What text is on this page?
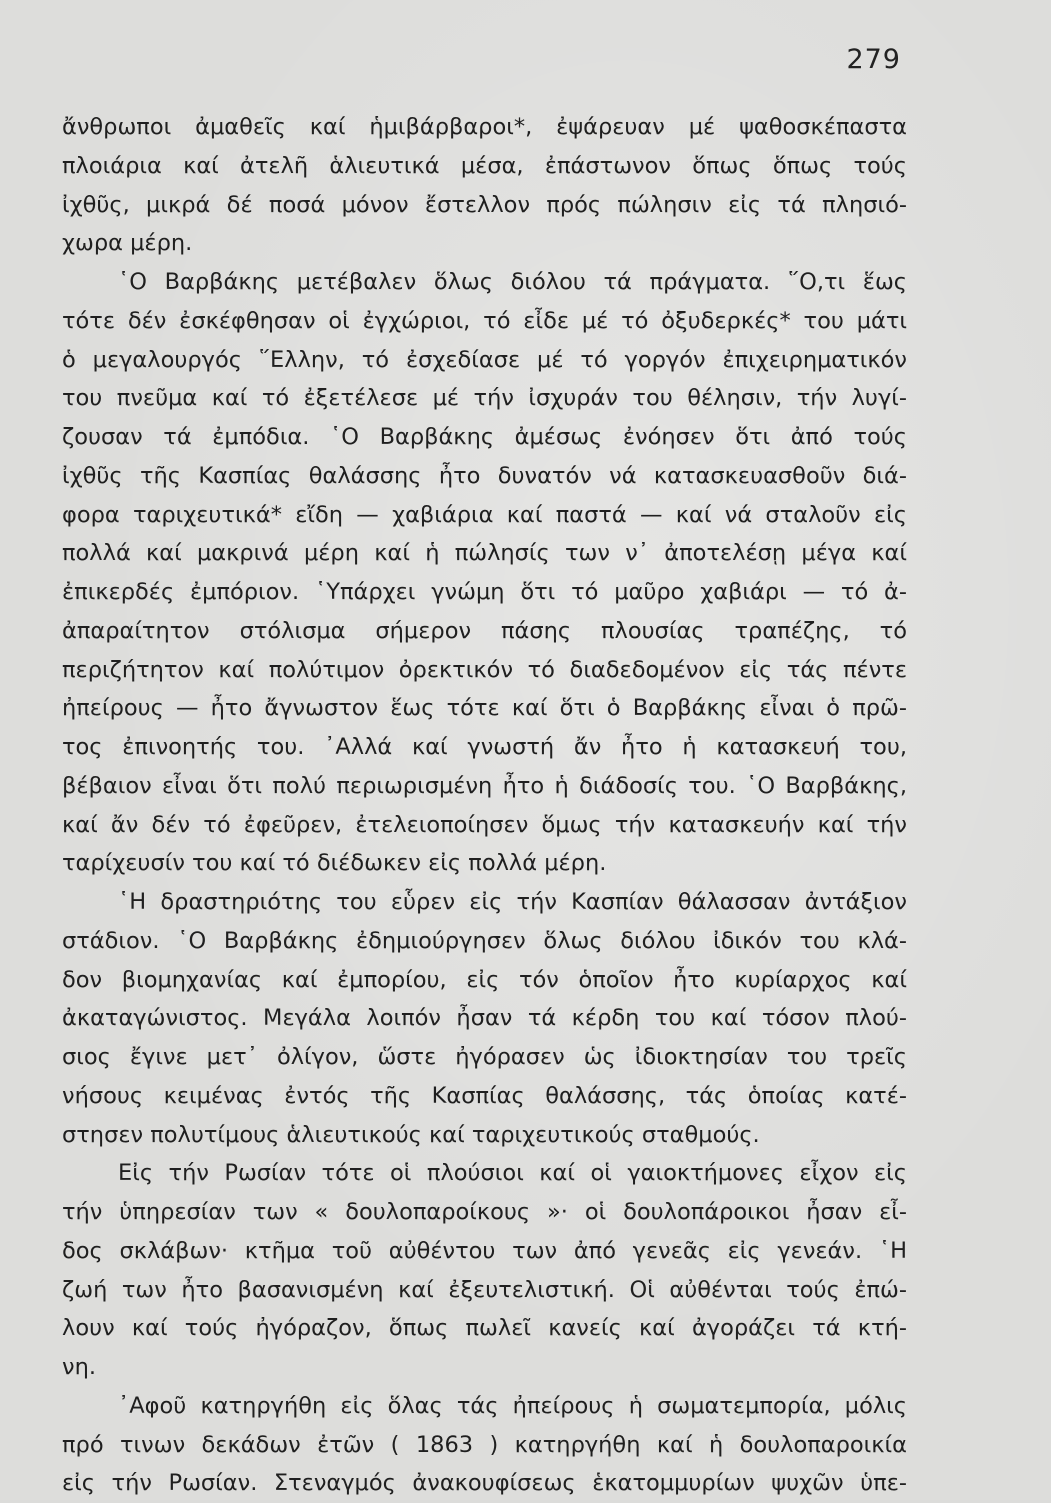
279
ἄνθρωποι ἀμαθεῖς καί ἡμιβάρβαροι*, ἐψάρευαν μέ ψαθοσκέπαστα
πλοιάρια καί ἀτελῆ ἁλιευτικά μέσα, ἐπάστωνον ὅπως ὅπως τούς
ἰχθῦς, μικρά δέ ποσά μόνον ἔστελλον πρός πώλησιν εἰς τά πλησιό-
χωρα μέρη.
῾Ο Βαρβάκης μετέβαλεν ὅλως διόλου τά πράγματα. ῞Ο,τι ἕως
τότε δέν ἐσκέφθησαν οἱ ἐγχώριοι, τό εἶδε μέ τό ὀξυδερκές* του μάτι
ὁ μεγαλουργός ῞Ελλην, τό ἐσχεδίασε μέ τό γοργόν ἐπιχειρηματικόν
του πνεῦμα καί τό ἐξετέλεσε μέ τήν ἰσχυράν του θέλησιν, τήν λυγί-
ζουσαν τά ἐμπόδια. ῾Ο Βαρβάκης ἀμέσως ἐνόησεν ὅτι ἀπό τούς
ἰχθῦς τῆς Κασπίας θαλάσσης ἦτο δυνατόν νά κατασκευασθοῦν διά-
φορα ταριχευτικά* εἴδη — χαβιάρια καί παστά — καί νά σταλοῦν εἰς
πολλά καί μακρινά μέρη καί ἡ πώλησίς των ν᾿ ἀποτελέσῃ μέγα καί
ἐπικερδές ἐμπόριον. ῾Υπάρχει γνώμη ὅτι τό μαῦρο χαβιάρι — τό ἀ-
ἀπαραίτητον στόλισμα σήμερον πάσης πλουσίας τραπέζης, τό
περιζήτητον καί πολύτιμον ὀρεκτικόν τό διαδεδομένον εἰς τάς πέντε
ἠπείρους — ἦτο ἄγνωστον ἕως τότε καί ὅτι ὁ Βαρβάκης εἶναι ὁ πρῶ-
τος ἐπινοητής του. ᾿Αλλά καί γνωστή ἄν ἦτο ἡ κατασκευή του,
βέβαιον εἶναι ὅτι πολύ περιωρισμένη ἦτο ἡ διάδοσίς του. ῾Ο Βαρβάκης,
καί ἄν δέν τό ἐφεῦρεν, ἐτελειοποίησεν ὅμως τήν κατασκευήν καί τήν
ταρίχευσίν του καί τό διέδωκεν εἰς πολλά μέρη.
῾Η δραστηριότης του εὗρεν εἰς τήν Κασπίαν θάλασσαν ἀντάξιον
στάδιον. ῾Ο Βαρβάκης ἐδημιούργησεν ὅλως διόλου ἰδικόν του κλά-
δον βιομηχανίας καί ἐμπορίου, εἰς τόν ὁποῖον ἦτο κυρίαρχος καί
ἀκαταγώνιστος. Μεγάλα λοιπόν ἦσαν τά κέρδη του καί τόσον πλού-
σιος ἔγινε μετ᾿ ὀλίγον, ὥστε ἠγόρασεν ὡς ἰδιοκτησίαν του τρεῖς
νήσους κειμένας ἐντός τῆς Κασπίας θαλάσσης, τάς ὁποίας κατέ-
στησεν πολυτίμους ἁλιευτικούς καί ταριχευτικούς σταθμούς.
Εἰς τήν Ρωσίαν τότε οἱ πλούσιοι καί οἱ γαιοκτήμονες εἶχον εἰς
τήν ὑπηρεσίαν των « δουλοπαροίκους »· οἱ δουλοπάροικοι ἦσαν εἶ-
δος σκλάβων· κτῆμα τοῦ αὐθέντου των ἀπό γενεᾶς εἰς γενεάν. ῾Η
ζωή των ἦτο βασανισμένη καί ἐξευτελιστική. Οἱ αὐθένται τούς ἐπώ-
λουν καί τούς ἠγόραζον, ὅπως πωλεῖ κανείς καί ἀγοράζει τά κτή-
νη.
᾿Αφοῦ κατηργήθη εἰς ὅλας τάς ἠπείρους ἡ σωματεμπορία, μόλις
πρό τινων δεκάδων ἐτῶν ( 1863 ) κατηργήθη καί ἡ δουλοπαροικία
εἰς τήν Ρωσίαν. Στεναγμός ἀνακουφίσεως ἑκατομμυρίων ψυχῶν ὑπε-
